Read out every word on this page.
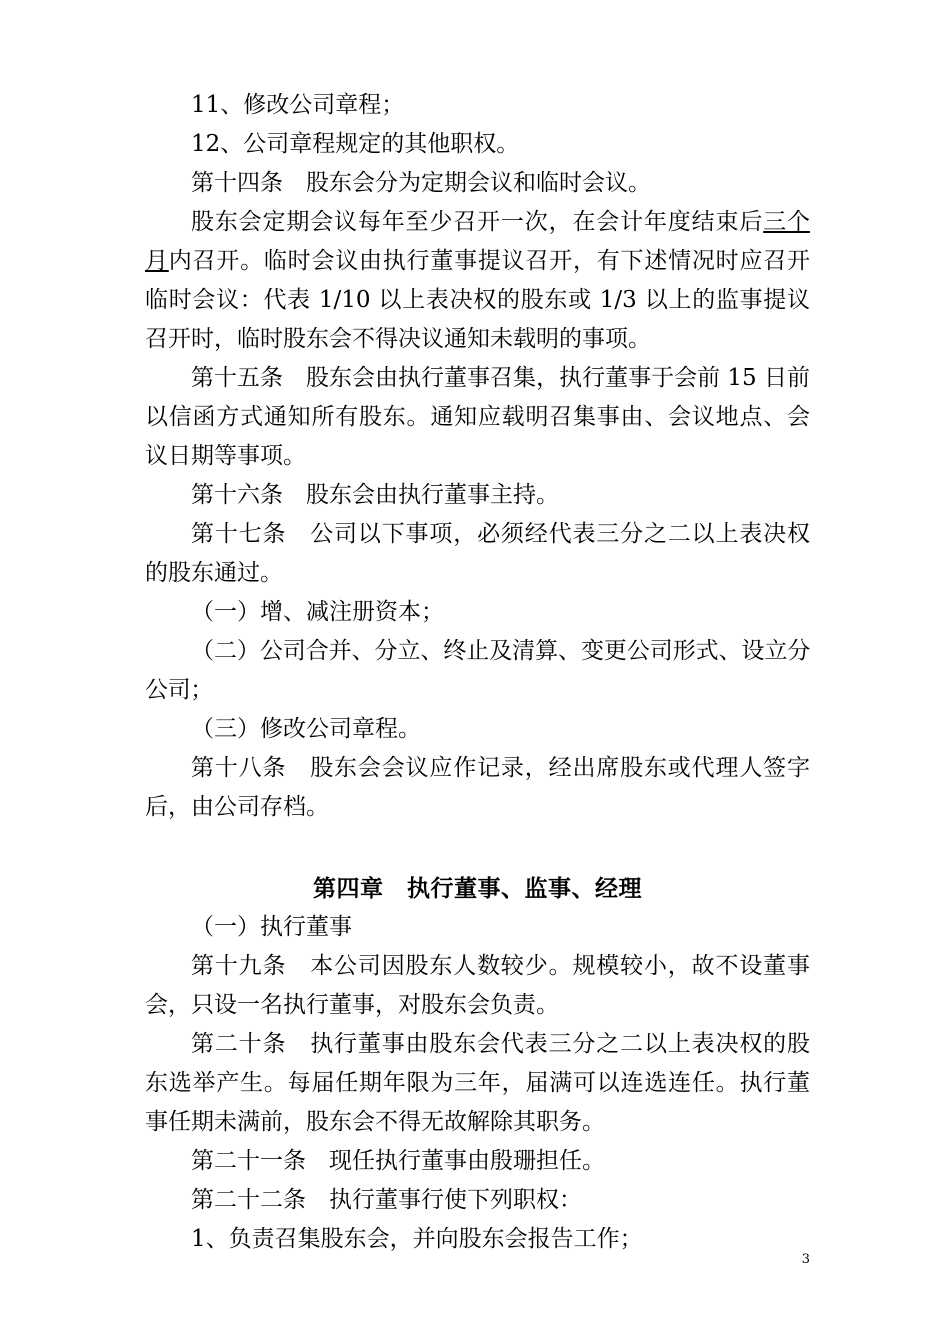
11、修改公司章程；

12、公司章程规定的其他职权。

第十四条　股东会分为定期会议和临时会议。

股东会定期会议每年至少召开一次，在会计年度结束后三个月内召开。临时会议由执行董事提议召开，有下述情况时应召开临时会议：代表 1/10 以上表决权的股东或 1/3 以上的监事提议召开时，临时股东会不得决议通知未载明的事项。

第十五条　股东会由执行董事召集，执行董事于会前 15 日前以信函方式通知所有股东。通知应载明召集事由、会议地点、会议日期等事项。

第十六条　股东会由执行董事主持。

第十七条　公司以下事项，必须经代表三分之二以上表决权的股东通过。

（一）增、减注册资本；

（二）公司合并、分立、终止及清算、变更公司形式、设立分公司；

（三）修改公司章程。

第十八条　股东会会议应作记录，经出席股东或代理人签字后，由公司存档。

第四章　执行董事、监事、经理

（一）执行董事

第十九条　本公司因股东人数较少。规模较小，故不设董事会，只设一名执行董事，对股东会负责。

第二十条　执行董事由股东会代表三分之二以上表决权的股东选举产生。每届任期年限为三年，届满可以连选连任。执行董事任期未满前，股东会不得无故解除其职务。

第二十一条　现任执行董事由殷珊担任。

第二十二条　执行董事行使下列职权：

1、负责召集股东会，并向股东会报告工作；

3
